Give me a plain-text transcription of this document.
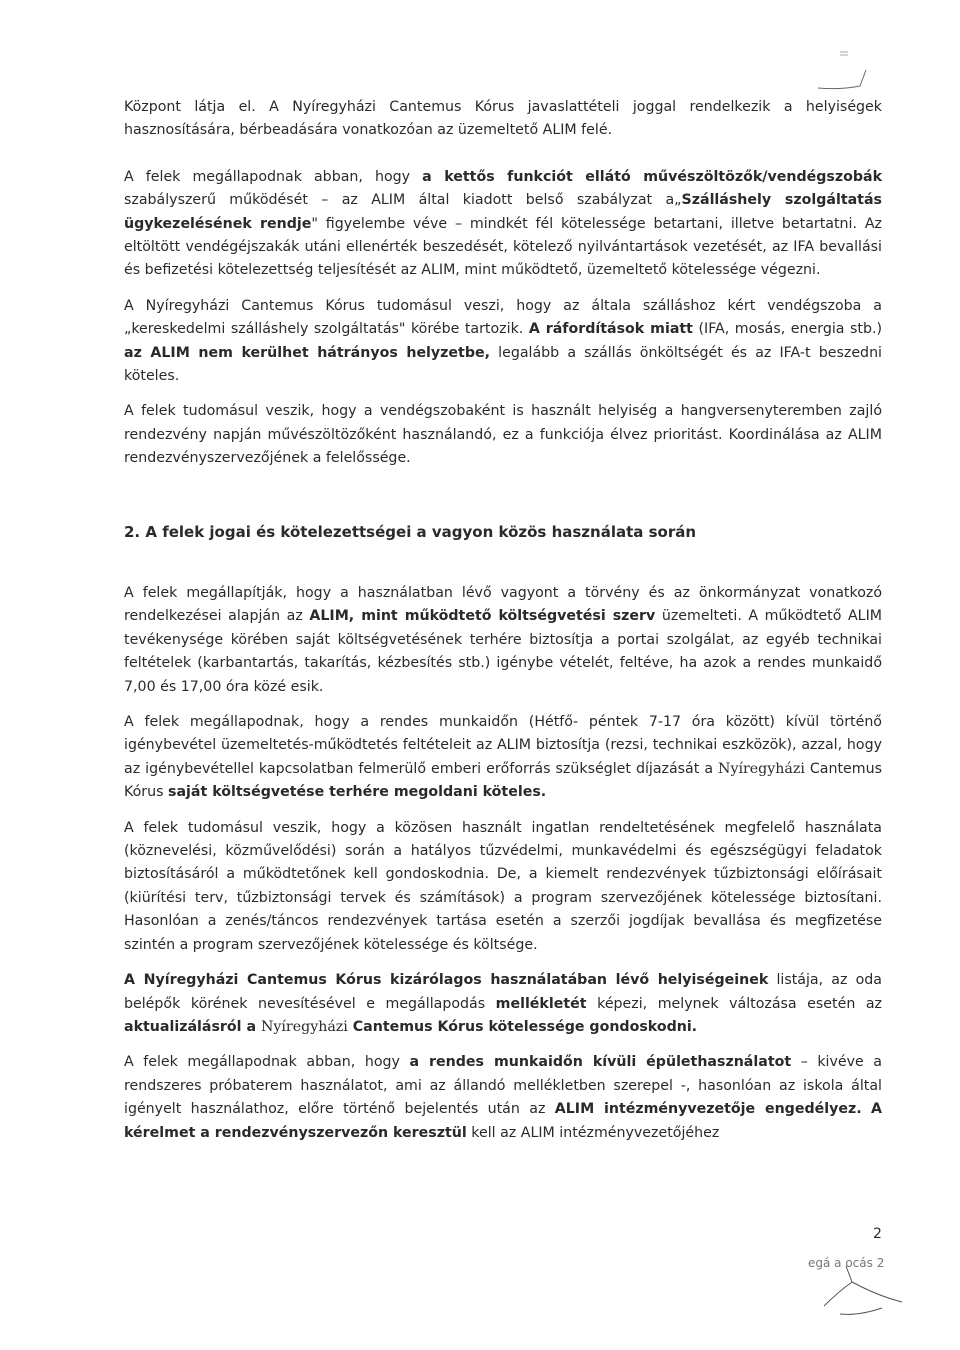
Központ látja el. A Nyíregyházi Cantemus Kórus javaslattételi joggal rendelkezik a helyiségek hasznosítására, bérbeadására vonatkozóan az üzemeltető ALIM felé.

A felek megállapodnak abban, hogy a kettős funkciót ellátó művészöltözők/vendégszobák szabályszerű működését – az ALIM által kiadott belső szabályzat a„Szálláshely szolgáltatás ügykezelésének rendje" figyelembe véve – mindkét fél kötelessége betartani, illetve betartatni. Az eltöltött vendégéjszakák utáni ellenérték beszedését, kötelező nyilvántartások vezetését, az IFA bevallási és befizetési kötelezettség teljesítését az ALIM, mint működtető, üzemeltető kötelessége végezni.

A Nyíregyházi Cantemus Kórus tudomásul veszi, hogy az általa szálláshoz kért vendégszoba a „kereskedelmi szálláshely szolgáltatás" körébe tartozik. A ráfordítások miatt (IFA, mosás, energia stb.) az ALIM nem kerülhet hátrányos helyzetbe, legalább a szállás önköltségét és az IFA-t beszedni köteles.

A felek tudomásul veszik, hogy a vendégszobaként is használt helyiség a hangversenyteremben zajló rendezvény napján művészöltözőként használandó, ez a funkciója élvez prioritást. Koordinálása az ALIM rendezvényszervezőjének a felelőssége.

2. A felek jogai és kötelezettségei a vagyon közös használata során

A felek megállapítják, hogy a használatban lévő vagyont a törvény és az önkormányzat vonatkozó rendelkezései alapján az ALIM, mint működtető költségvetési szerv üzemelteti. A működtető ALIM tevékenysége körében saját költségvetésének terhére biztosítja a portai szolgálat, az egyéb technikai feltételek (karbantartás, takarítás, kézbesítés stb.) igénybe vételét, feltéve, ha azok a rendes munkaidő 7,00 és 17,00 óra közé esik.

A felek megállapodnak, hogy a rendes munkaidőn (Hétfő- péntek 7-17 óra között) kívül történő igénybevétel üzemeltetés-működtetés feltételeit az ALIM biztosítja (rezsi, technikai eszközök), azzal, hogy az igénybevétellel kapcsolatban felmerülő emberi erőforrás szükséglet díjazását a Nyíregyházi Cantemus Kórus saját költségvetése terhére megoldani köteles.

A felek tudomásul veszik, hogy a közösen használt ingatlan rendeltetésének megfelelő használata (köznevelési, közművelődési) során a hatályos tűzvédelmi, munkavédelmi és egészségügyi feladatok biztosításáról a működtetőnek kell gondoskodnia. De, a kiemelt rendezvények tűzbiztonsági előírásait (kiürítési terv, tűzbiztonsági tervek és számítások) a program szervezőjének kötelessége biztosítani. Hasonlóan a zenés/táncos rendezvények tartása esetén a szerzői jogdíjak bevallása és megfizetése szintén a program szervezőjének kötelessége és költsége.

A Nyíregyházi Cantemus Kórus kizárólagos használatában lévő helyiségeinek listája, az oda belépők körének nevesítésével e megállapodás mellékletét képezi, melynek változása esetén az aktualizálásról a Nyíregyházi Cantemus Kórus kötelessége gondoskodni.

A felek megállapodnak abban, hogy a rendes munkaidőn kívüli épülethasználatot – kivéve a rendszeres próbaterem használatot, ami az állandó mellékletben szerepel -, hasonlóan az iskola által igényelt használathoz, előre történő bejelentés után az ALIM intézményvezetője engedélyez. A kérelmet a rendezvényszervezőn keresztül kell az ALIM intézményvezetőjéhez

2
egá a ocás 2
